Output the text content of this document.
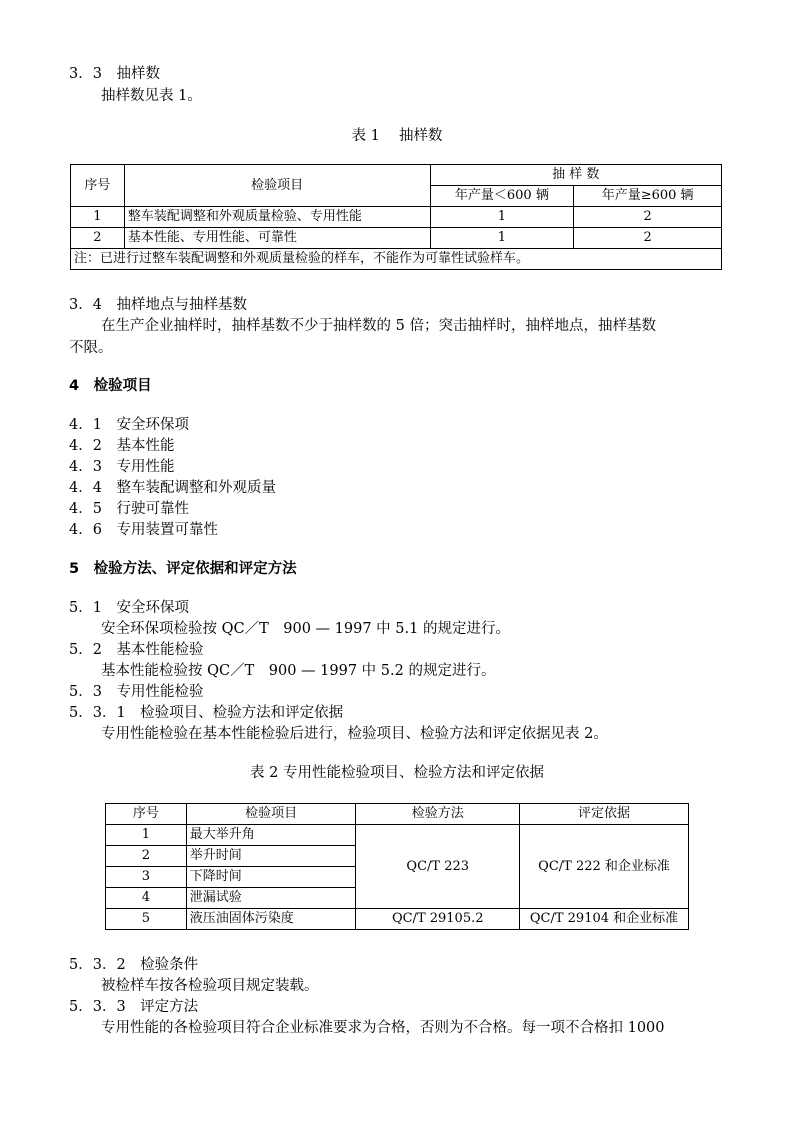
3．3　抽样数
抽样数见表 1。
表 1　 抽样数
序号	检验项目	抽 样 数	
		年产量＜600 辆	年产量≥600 辆
1	整车装配调整和外观质量检验、专用性能	1	2
2	基本性能、专用性能、可靠性	1	2
注：已进行过整车装配调整和外观质量检验的样车，不能作为可靠性试验样车。			
3．4　抽样地点与抽样基数
在生产企业抽样时，抽样基数不少于抽样数的 5 倍；突击抽样时，抽样地点，抽样基数
不限。
4　检验项目
4．1　安全环保项
4．2　基本性能
4．3　专用性能
4．4　整车装配调整和外观质量
4．5　行驶可靠性
4．6　专用装置可靠性
5　检验方法、评定依据和评定方法
5．1　安全环保项
安全环保项检验按 QC／T　900 — 1997 中 5.1 的规定进行。
5．2　基本性能检验
基本性能检验按 QC／T　900 — 1997 中 5.2 的规定进行。
5．3　专用性能检验
5．3．1　检验项目、检验方法和评定依据
专用性能检验在基本性能检验后进行，检验项目、检验方法和评定依据见表 2。
表 2 专用性能检验项目、检验方法和评定依据
序号	检验项目	检验方法	评定依据
1	最大举升角	QC/T 223	QC/T 222 和企业标准
2	举升时间		
3	下降时间		
4	泄漏试验		
5	液压油固体污染度	QC/T 29105.2	QC/T 29104 和企业标准
5．3．2　检验条件
被检样车按各检验项目规定装载。
5．3．3　评定方法
专用性能的各检验项目符合企业标准要求为合格，否则为不合格。每一项不合格扣 1000
